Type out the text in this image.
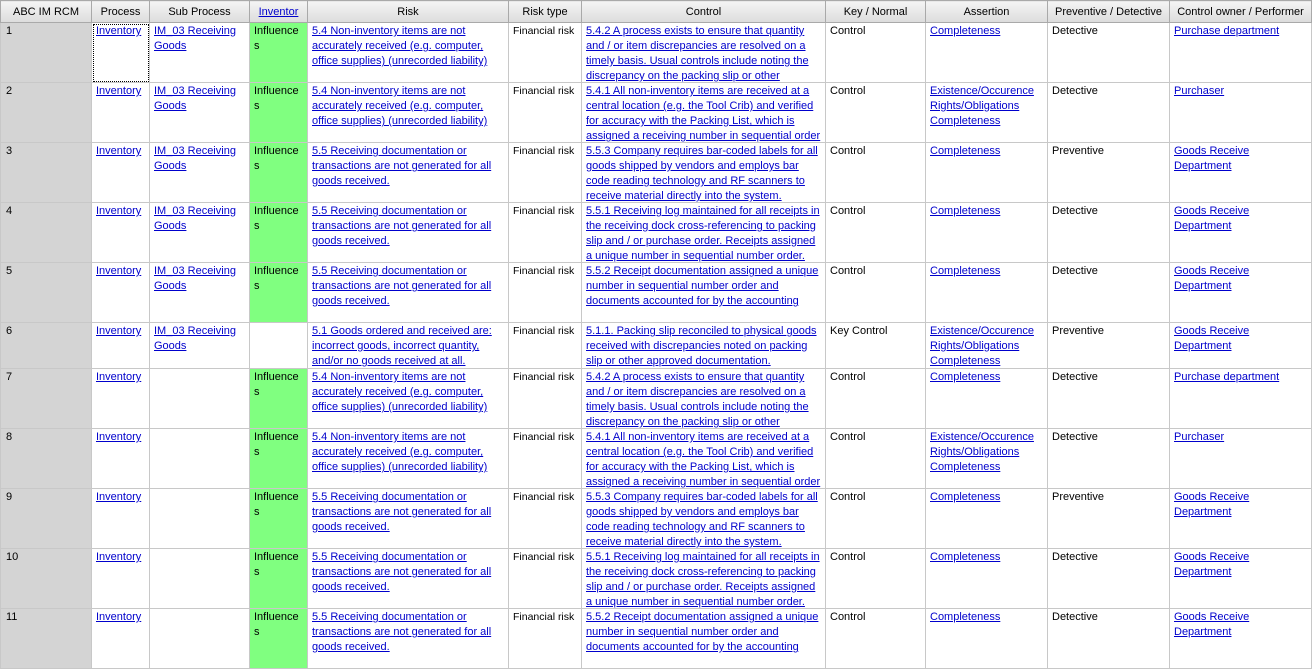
ABC IM RCM	Process	Sub Process	Inventor	Risk	Risk type	Control	Key / Normal	Assertion	Preventive / Detective	Control owner / Performer

1	Inventory	IM_03 Receiving Goods	Influences	5.4 Non-inventory items are not accurately received (e.g. computer, office supplies) (unrecorded liability)	Financial risk	5.4.2 A process exists to ensure that quantity and / or item discrepancies are resolved on a timely basis. Usual controls include noting the discrepancy on the packing slip or other	Control	Completeness	Detective	Purchase department

2	Inventory	IM_03 Receiving Goods	Influences	5.4 Non-inventory items are not accurately received (e.g. computer, office supplies) (unrecorded liability)	Financial risk	5.4.1 All non-inventory items are received at a central location (e.g. the Tool Crib) and verified for accuracy with the Packing List, which is assigned a receiving number in sequential order	Control	Existence/Occurence Rights/Obligations Completeness	Detective	Purchaser

3	Inventory	IM_03 Receiving Goods	Influences	5.5 Receiving documentation or transactions are not generated for all goods received.	Financial risk	5.5.3 Company requires bar-coded labels for all goods shipped by vendors and employs bar code reading technology and RF scanners to receive material directly into the system.	Control	Completeness	Preventive	Goods Receive Department

4	Inventory	IM_03 Receiving Goods	Influences	5.5 Receiving documentation or transactions are not generated for all goods received.	Financial risk	5.5.1 Receiving log maintained for all receipts in the receiving dock cross-referencing to packing slip and / or purchase order. Receipts assigned a unique number in sequential number order.	Control	Completeness	Detective	Goods Receive Department

5	Inventory	IM_03 Receiving Goods	Influences	5.5 Receiving documentation or transactions are not generated for all goods received.	Financial risk	5.5.2 Receipt documentation assigned a unique number in sequential number order and documents accounted for by the accounting	Control	Completeness	Detective	Goods Receive Department

6	Inventory	IM_03 Receiving Goods		5.1 Goods ordered and received are: incorrect goods, incorrect quantity, and/or no goods received at all.	Financial risk	5.1.1. Packing slip reconciled to physical goods received with discrepancies noted on packing slip or other approved documentation.	Key Control	Existence/Occurence Rights/Obligations Completeness	Preventive	Goods Receive Department

7	Inventory		Influences	5.4 Non-inventory items are not accurately received (e.g. computer, office supplies) (unrecorded liability)	Financial risk	5.4.2 A process exists to ensure that quantity and / or item discrepancies are resolved on a timely basis. Usual controls include noting the discrepancy on the packing slip or other	Control	Completeness	Detective	Purchase department

8	Inventory		Influences	5.4 Non-inventory items are not accurately received (e.g. computer, office supplies) (unrecorded liability)	Financial risk	5.4.1 All non-inventory items are received at a central location (e.g. the Tool Crib) and verified for accuracy with the Packing List, which is assigned a receiving number in sequential order	Control	Existence/Occurence Rights/Obligations Completeness	Detective	Purchaser

9	Inventory		Influences	5.5 Receiving documentation or transactions are not generated for all goods received.	Financial risk	5.5.3 Company requires bar-coded labels for all goods shipped by vendors and employs bar code reading technology and RF scanners to receive material directly into the system.	Control	Completeness	Preventive	Goods Receive Department

10	Inventory		Influences	5.5 Receiving documentation or transactions are not generated for all goods received.	Financial risk	5.5.1 Receiving log maintained for all receipts in the receiving dock cross-referencing to packing slip and / or purchase order. Receipts assigned a unique number in sequential number order.	Control	Completeness	Detective	Goods Receive Department

11	Inventory		Influences	5.5 Receiving documentation or transactions are not generated for all goods received.	Financial risk	5.5.2 Receipt documentation assigned a unique number in sequential number order and documents accounted for by the accounting	Control	Completeness	Detective	Goods Receive Department
